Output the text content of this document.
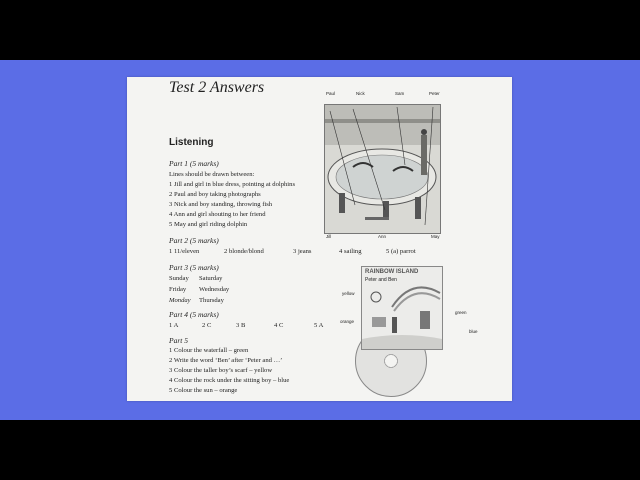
Test 2 Answers
Listening
Part 1 (5 marks)
Lines should be drawn between:
1 Jill and girl in blue dress, pointing at dolphins
2 Paul and boy taking photographs
3 Nick and boy standing, throwing fish
4 Ann and girl shouting to her friend
5 May and girl riding dolphin
Part 2 (5 marks)
1 11/eleven	2 blonde/blond	3 jeans	4 sailing	5 (a) parrot
Part 3 (5 marks)
Sunday Saturday
Friday Wednesday
Monday Thursday
Part 4 (5 marks)
1 A	2 C	3 B	4 C	5 A
Part 5
1 Colour the waterfall – green
2 Write the word ‘Ben’ after ‘Peter and …’
3 Colour the taller boy’s scarf – yellow
4 Colour the rock under the sitting boy – blue
5 Colour the sun – orange
Paul	Nick	Sam	Peter
Jill	Ann	May
RAINBOW ISLAND
Peter and Ben
yellow
orange
green
blue
